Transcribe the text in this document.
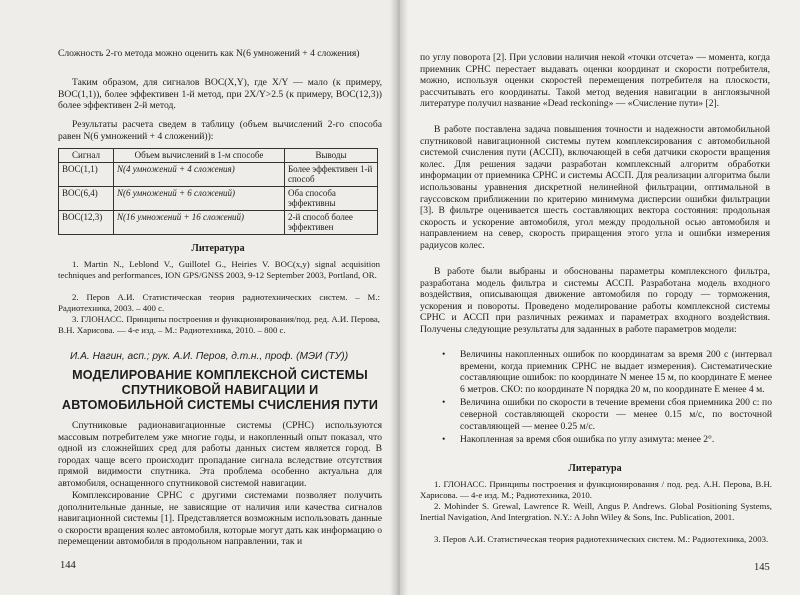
Сложность 2-го метода можно оценить как N(6 умножений + 4 сложения)

Таким образом, для сигналов BOC(X,Y), где X/Y — мало (к примеру, BOC(1,1)), более эффективен 1-й метод, при 2X/Y>2.5 (к примеру, BOC(12,3)) более эффективен 2-й метод.

Результаты расчета сведем в таблицу (объем вычислений 2-го способа равен N(6 умножений + 4 сложений)):

Сигнал	Объем вычислений в 1-м способе	Выводы
BOC(1,1)	N(4 умножений + 4 сложения)	Более эффективен 1-й способ
BOC(6,4)	N(6 умножений + 6 сложений)	Оба способа эффективны
BOC(12,3)	N(16 умножений + 16 сложений)	2-й способ более эффективен
Литература
1. Martin N., Leblond V., Guillotel G., Heiries V. BOC(x,y) signal acquisition techniques and performances, ION GPS/GNSS 2003, 9-12 September 2003, Portland, OR.
2. Перов А.И. Статистическая теория радиотехнических систем. – М.: Радиотехника, 2003. – 400 с.
3. ГЛОНАСС. Принципы построения и функционирования/под. ред. А.И. Перова, В.Н. Харисова. — 4-е изд. – М.: Радиотехника, 2010. – 800 с.
И.А. Нагин, асп.; рук. А.И. Перов, д.т.н., проф. (МЭИ (ТУ))
МОДЕЛИРОВАНИЕ КОМПЛЕКСНОЙ СИСТЕМЫ СПУТНИКОВОЙ НАВИГАЦИИ И АВТОМОБИЛЬНОЙ СИСТЕМЫ СЧИСЛЕНИЯ ПУТИ

Спутниковые радионавигационные системы (СРНС) используются массовым потребителем уже многие годы, и накопленный опыт показал, что одной из сложнейших сред для работы данных систем является город. В городах чаще всего происходит пропадание сигнала вследствие отсутствия прямой видимости спутника. Эта проблема особенно актуальна для автомобиля, оснащенного спутниковой системой навигации.

Комплексирование СРНС с другими системами позволяет получить дополнительные данные, не зависящие от наличия или качества сигналов навигационной системы [1]. Представляется возможным использовать данные о скорости вращения колес автомобиля, которые могут дать как информацию о перемещении автомобиля в продольном направлении, так и

144

по углу поворота [2]. При условии наличия некой «точки отсчета» — момента, когда приемник СРНС перестает выдавать оценки координат и скорости потребителя, можно, используя оценки скоростей перемещения потребителя на плоскости, рассчитывать его координаты. Такой метод ведения навигации в англоязычной литературе получил название «Dead reckoning» — «Счисление пути» [2].

В работе поставлена задача повышения точности и надежности автомобильной спутниковой навигационной системы путем комплексирования с автомобильной системой счисления пути (АССП), включающей в себя датчики скорости вращения колес. Для решения задачи разработан комплексный алгоритм обработки информации от приемника СРНС и системы АССП. Для реализации алгоритма были использованы уравнения дискретной нелинейной фильтрации, оптимальной в гауссовском приближении по критерию минимума дисперсии ошибки фильтрации [3]. В фильтре оценивается шесть составляющих вектора состояния: продольная скорость и ускорение автомобиля, угол между продольной осью автомобиля и направлением на север, скорость приращения этого угла и ошибки измерения радиусов колес.

В работе были выбраны и обоснованы параметры комплексного фильтра, разработана модель фильтра и системы АССП. Разработана модель входного воздействия, описывающая движение автомобиля по городу — торможения, ускорения и повороты. Проведено моделирование работы комплексной системы СРНС и АССП при различных режимах и параметрах входного воздействия. Получены следующие результаты для заданных в работе параметров модели:

• Величины накопленных ошибок по координатам за время 200 с (интервал времени, когда приемник СРНС не выдает измерения). Систематические составляющие ошибок: по координате N менее 15 м, по координате E менее 6 метров. СКО: по координате N порядка 20 м, по координате E менее 4 м.
• Величина ошибки по скорости в течение времени сбоя приемника 200 с: по северной составляющей скорости — менее 0.15 м/с, по восточной составляющей — менее 0.25 м/с.
• Накопленная за время сбоя ошибка по углу азимута: менее 2°.
Литература
1. ГЛОНАСС. Принципы построения и функционирования / под. ред. А.Н. Перова, В.Н. Харисова. — 4-е изд. М.; Радиотехника, 2010.
2. Mohinder S. Grewal, Lawrence R. Weill, Angus P. Andrews. Global Positioning Systems, Inertial Navigation, And Intergration. N.Y.: A John Wiley & Sons, Inc. Publication, 2001.
3. Перов А.И. Статистическая теория радиотехнических систем. М.: Радиотехника, 2003.
145
